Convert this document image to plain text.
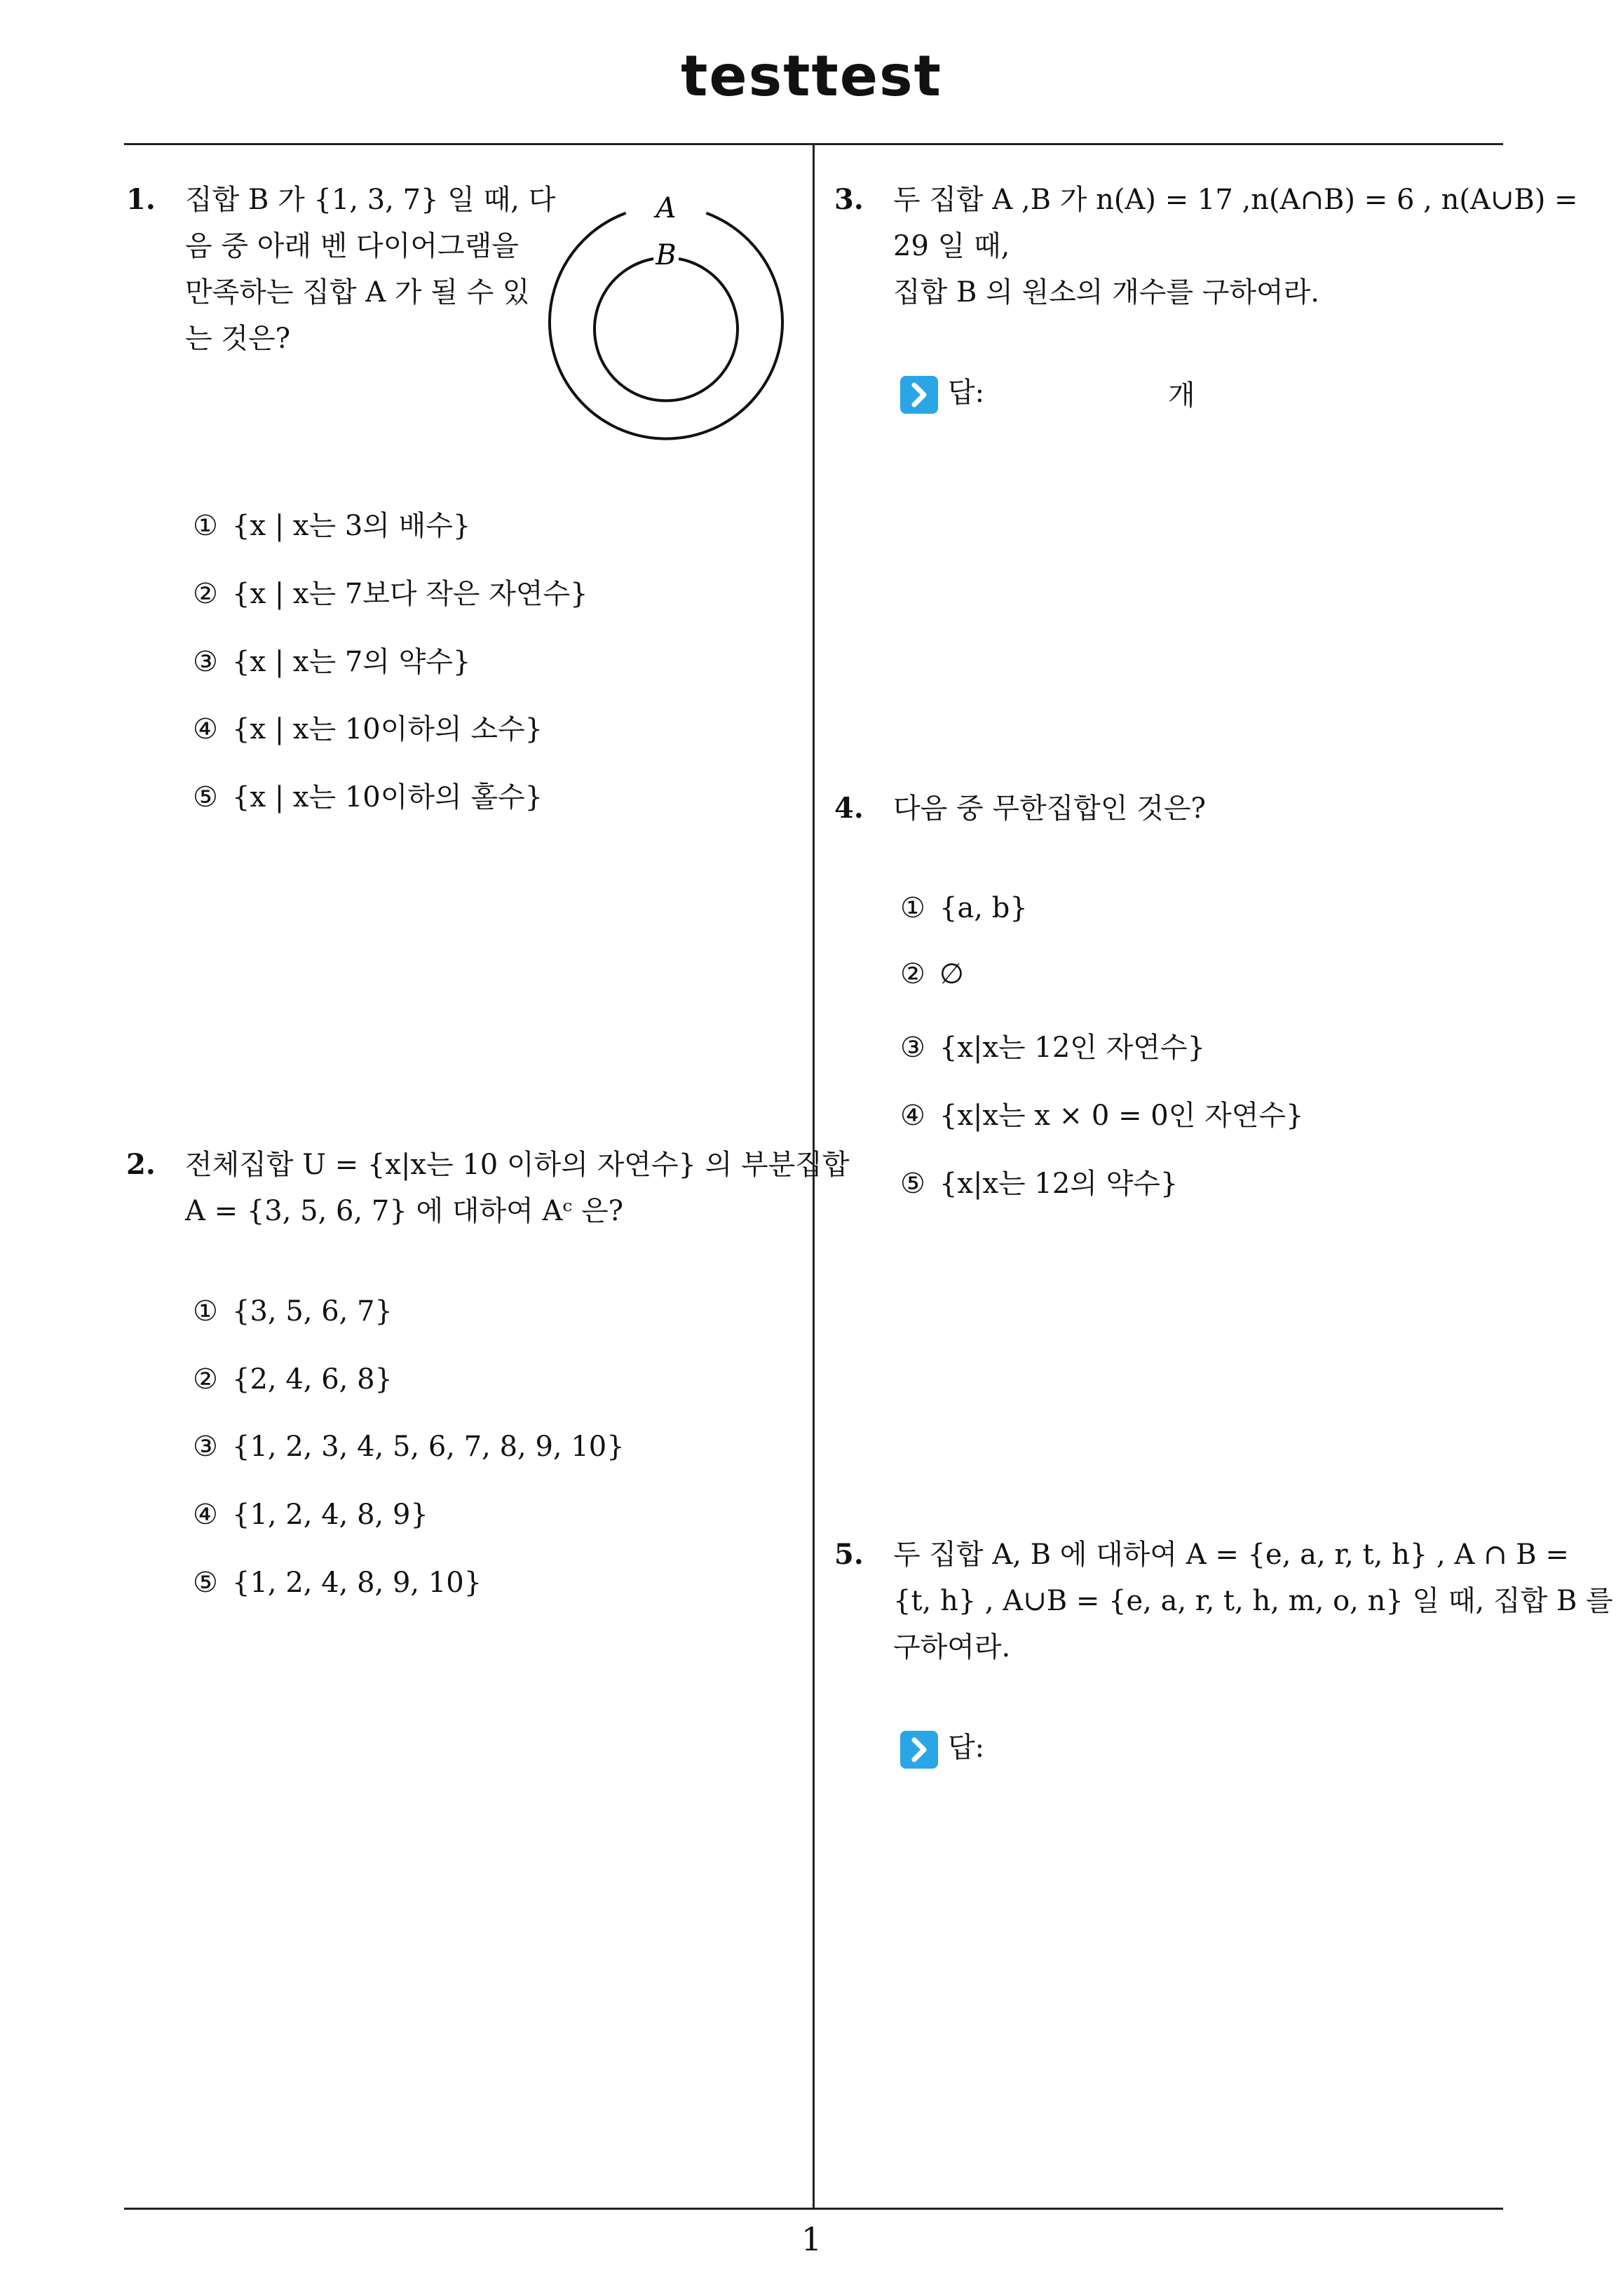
testtest
1. 집합 B 가 {1, 3, 7} 일 때, 다
음 중 아래 벤 다이어그램을
만족하는 집합 A 가 될 수 있
는 것은?
A
B
① {x | x는 3의 배수}
② {x | x는 7보다 작은 자연수}
③ {x | x는 7의 약수}
④ {x | x는 10이하의 소수}
⑤ {x | x는 10이하의 홀수}
2. 전체집합 U = {x|x는 10 이하의 자연수} 의 부분집합
A = {3, 5, 6, 7} 에 대하여 Aᶜ 은?
① {3, 5, 6, 7}
② {2, 4, 6, 8}
③ {1, 2, 3, 4, 5, 6, 7, 8, 9, 10}
④ {1, 2, 4, 8, 9}
⑤ {1, 2, 4, 8, 9, 10}
3. 두 집합 A ,B 가 n(A) = 17 ,n(A∩B) = 6 , n(A∪B) =
29 일 때,
집합 B 의 원소의 개수를 구하여라.
답:	개
4. 다음 중 무한집합인 것은?
① {a, b}
② ∅
③ {x|x는 12인 자연수}
④ {x|x는 x × 0 = 0인 자연수}
⑤ {x|x는 12의 약수}
5. 두 집합 A, B 에 대하여 A = {e, a, r, t, h} , A ∩ B =
{t, h} , A∪B = {e, a, r, t, h, m, o, n} 일 때, 집합 B 를
구하여라.
답:
1
